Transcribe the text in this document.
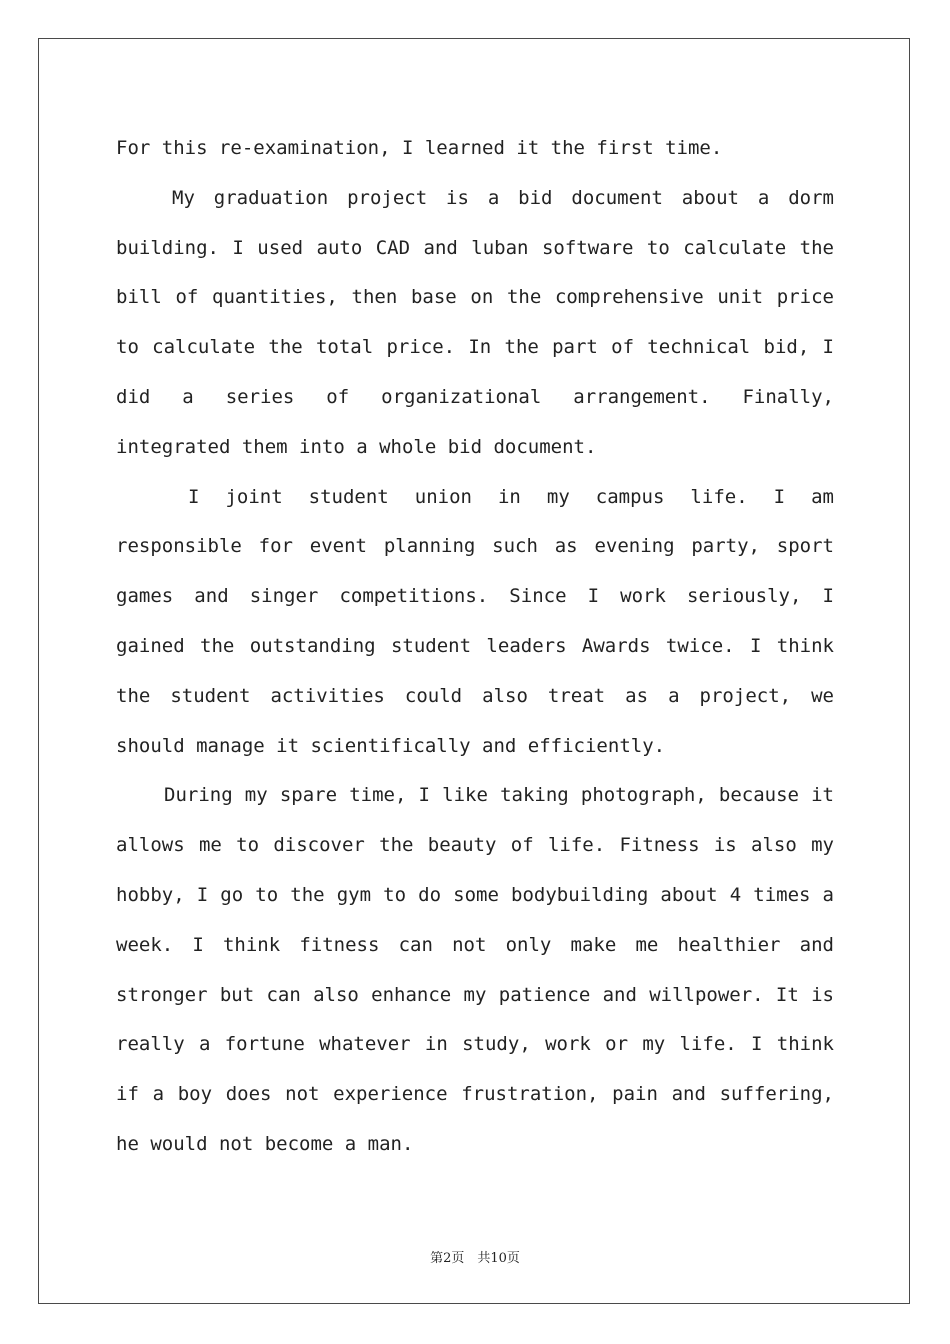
For this re-examination, I learned it the first time.

My graduation project is a bid document about a dorm building. I used auto CAD and luban software to calculate the bill of quantities, then base on the comprehensive unit price to calculate the total price. In the part of technical bid, I did a series of organizational arrangement. Finally, integrated them into a whole bid document.

I joint student union in my campus life. I am responsible for event planning such as evening party, sport games and singer competitions. Since I work seriously, I gained the outstanding student leaders Awards twice. I think the student activities could also treat as a project, we should manage it scientifically and efficiently.

During my spare time, I like taking photograph, because it allows me to discover the beauty of life. Fitness is also my hobby, I go to the gym to do some bodybuilding about 4 times a week. I think fitness can not only make me healthier and stronger but can also enhance my patience and willpower. It is really a fortune whatever in study, work or my life. I think if a boy does not experience frustration, pain and suffering, he would not become a man.

第2页　共10页
